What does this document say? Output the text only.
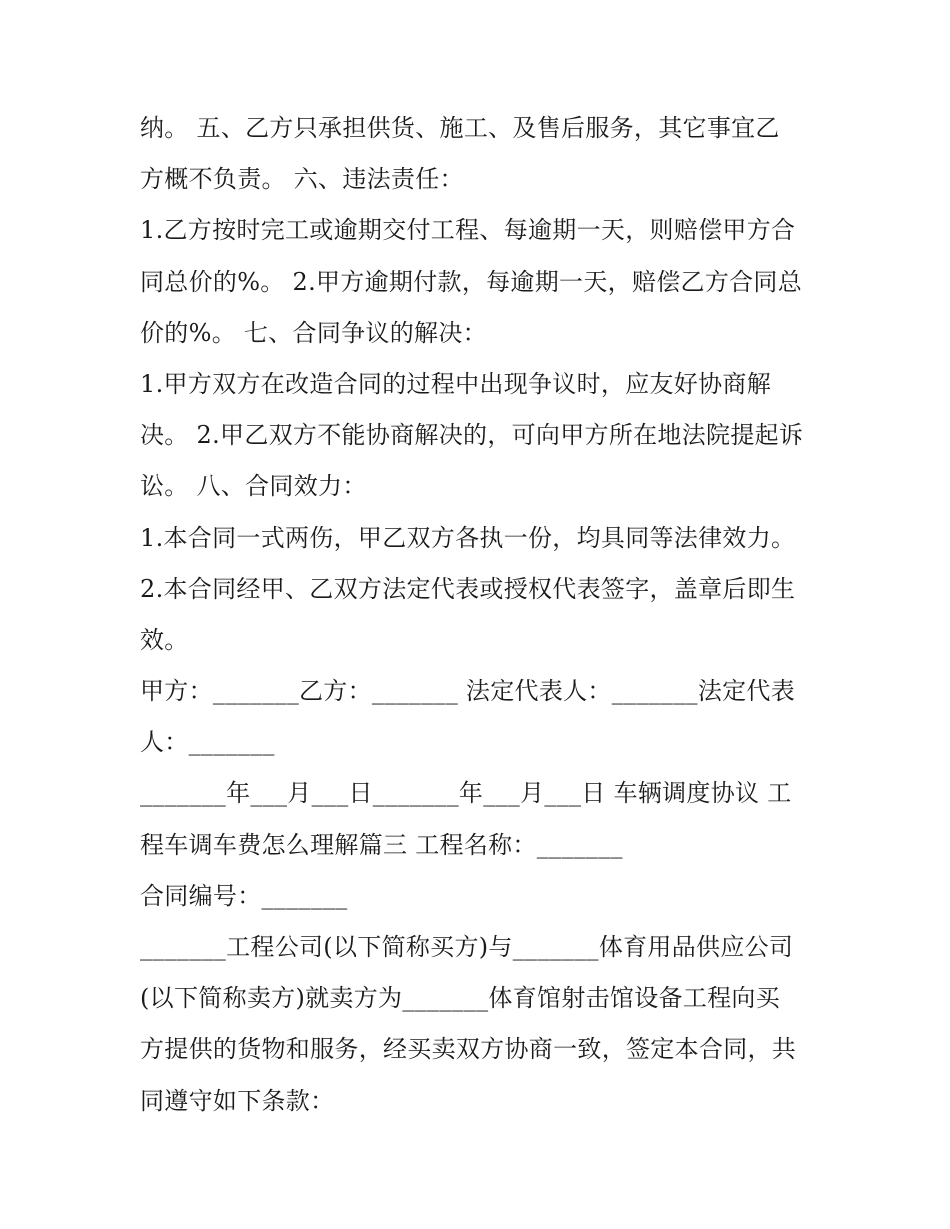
纳。 五、乙方只承担供货、施工、及售后服务，其它事宜乙
方概不负责。 六、违法责任：
1.乙方按时完工或逾期交付工程、每逾期一天，则赔偿甲方合
同总价的%。 2.甲方逾期付款，每逾期一天，赔偿乙方合同总
价的%。 七、合同争议的解决：
1.甲方双方在改造合同的过程中出现争议时，应友好协商解
决。 2.甲乙双方不能协商解决的，可向甲方所在地法院提起诉
讼。 八、合同效力：
1.本合同一式两伤，甲乙双方各执一份，均具同等法律效力。
2.本合同经甲、乙双方法定代表或授权代表签字，盖章后即生
效。
甲方：_______乙方：_______ 法定代表人：_______法定代表
人：_______
_______年___月___日_______年___月___日 车辆调度协议 工
程车调车费怎么理解篇三 工程名称：_______
合同编号：_______
_______工程公司(以下简称买方)与_______体育用品供应公司
(以下简称卖方)就卖方为_______体育馆射击馆设备工程向买
方提供的货物和服务，经买卖双方协商一致，签定本合同，共
同遵守如下条款：
